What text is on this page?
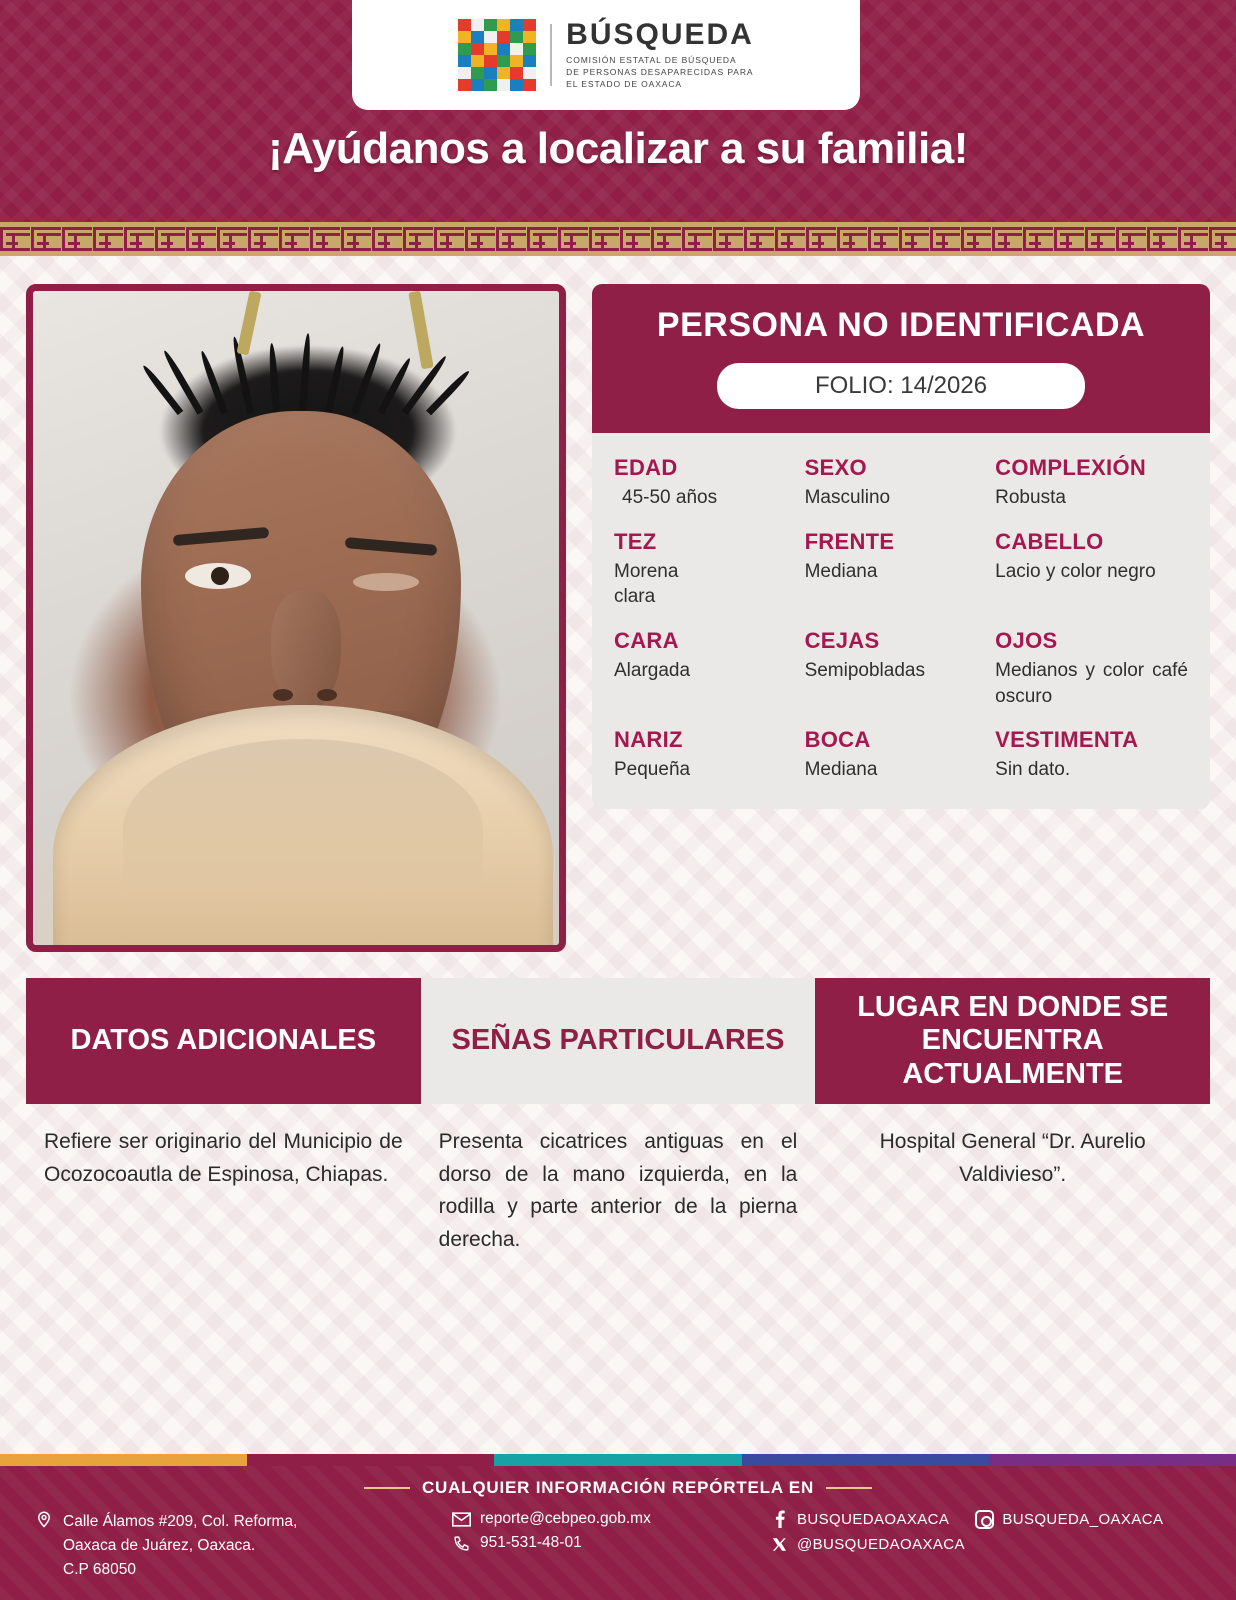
BÚSQUEDA
COMISIÓN ESTATAL DE BÚSQUEDA
DE PERSONAS DESAPARECIDAS PARA
EL ESTADO DE OAXACA
¡Ayúdanos a localizar a su familia!
PERSONA NO IDENTIFICADA
FOLIO: 14/2026
EDAD
45-50 años
SEXO
Masculino
COMPLEXIÓN
Robusta
TEZ
Morena clara
FRENTE
Mediana
CABELLO
Lacio y color negro
CARA
Alargada
CEJAS
Semipobladas
OJOS
Medianos y color café oscuro
NARIZ
Pequeña
BOCA
Mediana
VESTIMENTA
Sin dato.
DATOS ADICIONALES
Refiere ser originario del Municipio de Ocozocoautla de Espinosa, Chiapas.
SEÑAS PARTICULARES
Presenta cicatrices antiguas en el dorso de la mano izquierda, en la rodilla y parte anterior de la pierna derecha.
LUGAR EN DONDE SE ENCUENTRA ACTUALMENTE
Hospital General “Dr. Aurelio Valdivieso”.
CUALQUIER INFORMACIÓN REPÓRTELA EN
Calle Álamos #209, Col. Reforma,
Oaxaca de Juárez, Oaxaca.
C.P 68050
reporte@cebpeo.gob.mx
951-531-48-01
BUSQUEDAOAXACA	BUSQUEDA_OAXACA
@BUSQUEDAOAXACA
